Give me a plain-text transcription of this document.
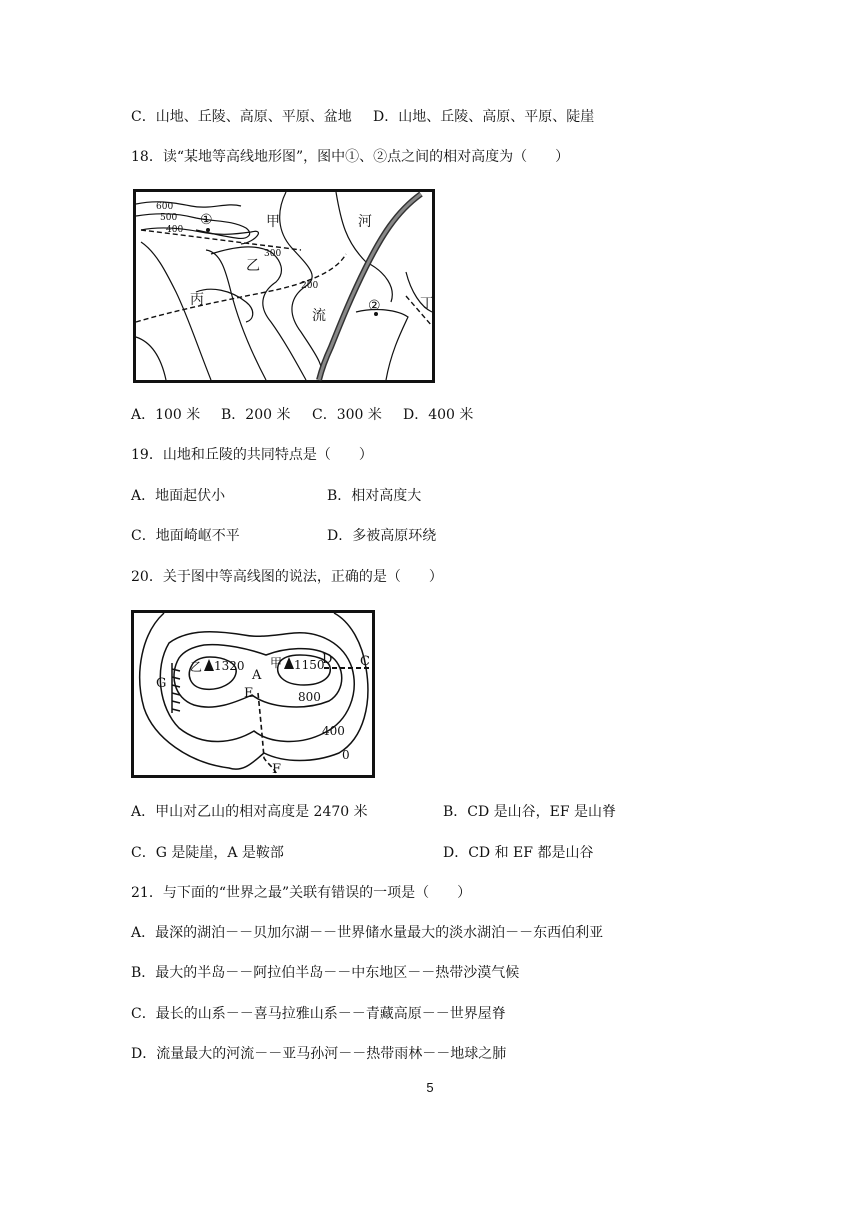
C．山地、丘陵、高原、平原、盆地 D．山地、丘陵、高原、平原、陡崖
18．读“某地等高线地形图”，图中①、②点之间的相对高度为（　　）
600
500
400
300
200
①
②
甲
乙
丙	丁
河
流
A．100 米 B．200 米 C．300 米 D．400 米
19．山地和丘陵的共同特点是（　　）
A．地面起伏小	B．相对高度大
C．地面崎岖不平	D．多被高原环绕
20．关于图中等高线图的说法，正确的是（　　）
乙 1320 甲 1150
A
D C
E
F
G
800
400
0
A．甲山对乙山的相对高度是 2470 米	B．CD 是山谷，EF 是山脊
C．G 是陡崖，A 是鞍部	D．CD 和 EF 都是山谷
21．与下面的“世界之最”关联有错误的一项是（　　）
A．最深的湖泊－－贝加尔湖－－世界储水量最大的淡水湖泊－－东西伯利亚
B．最大的半岛－－阿拉伯半岛－－中东地区－－热带沙漠气候
C．最长的山系－－喜马拉雅山系－－青藏高原－－世界屋脊
D．流量最大的河流－－亚马孙河－－热带雨林－－地球之肺
5
